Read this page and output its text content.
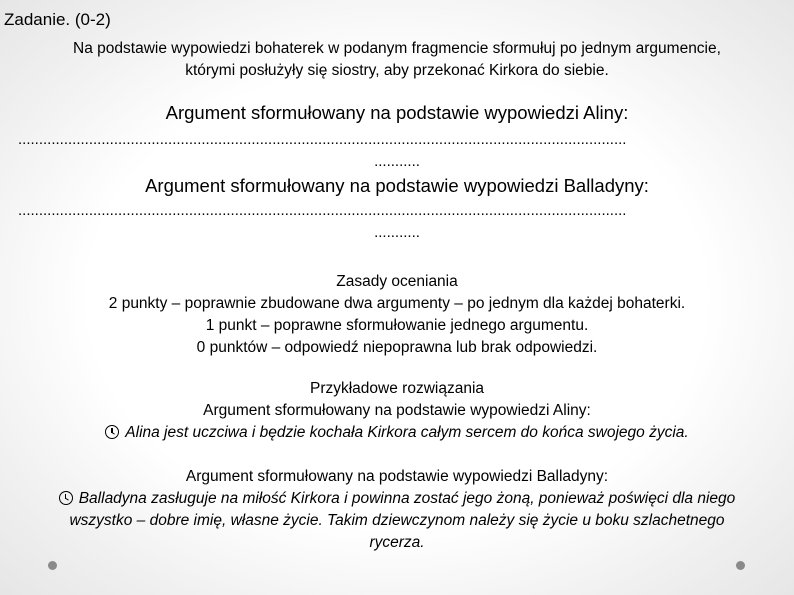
Zadanie. (0-2)
Na podstawie wypowiedzi bohaterek w podanym fragmencie sformułuj po jednym argumencie,
którymi posłużyły się siostry, aby przekonać Kirkora do siebie.
Argument sformułowany na podstawie wypowiedzi Aliny:
..................................................................................................................................................
...........
Argument sformułowany na podstawie wypowiedzi Balladyny:
..................................................................................................................................................
...........
Zasady oceniania
2 punkty – poprawnie zbudowane dwa argumenty – po jednym dla każdej bohaterki.
1 punkt – poprawne sformułowanie jednego argumentu.
0 punktów – odpowiedź niepoprawna lub brak odpowiedzi.
Przykładowe rozwiązania
Argument sformułowany na podstawie wypowiedzi Aliny:
Alina jest uczciwa i będzie kochała Kirkora całym sercem do końca swojego życia.
Argument sformułowany na podstawie wypowiedzi Balladyny:
Balladyna zasługuje na miłość Kirkora i powinna zostać jego żoną, ponieważ poświęci dla niego
wszystko – dobre imię, własne życie. Takim dziewczynom należy się życie u boku szlachetnego
rycerza.
